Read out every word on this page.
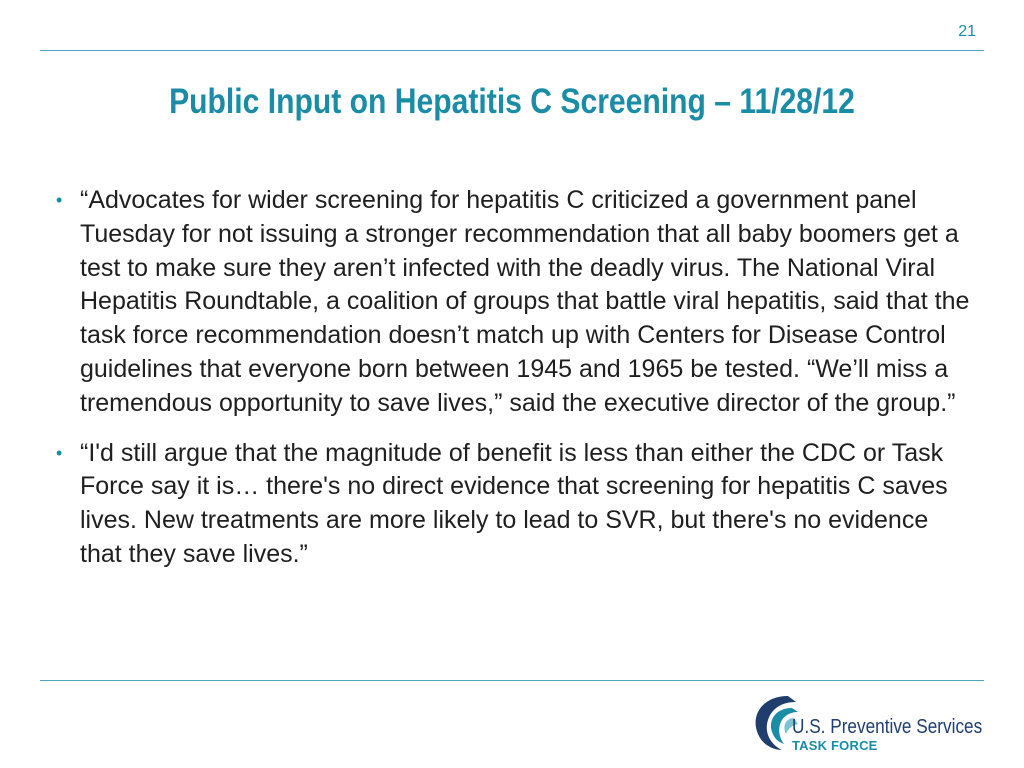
21
Public Input on Hepatitis C Screening – 11/28/12
• “Advocates for wider screening for hepatitis C criticized a government panel Tuesday for not issuing a stronger recommendation that all baby boomers get a test to make sure they aren’t infected with the deadly virus. The National Viral Hepatitis Roundtable, a coalition of groups that battle viral hepatitis, said that the task force recommendation doesn’t match up with Centers for Disease Control guidelines that everyone born between 1945 and 1965 be tested. “We’ll miss a tremendous opportunity to save lives,” said the executive director of the group.”
• “I'd still argue that the magnitude of benefit is less than either the CDC or Task Force say it is… there's no direct evidence that screening for hepatitis C saves lives. New treatments are more likely to lead to SVR, but there's no evidence that they save lives.”
U.S. Preventive Services
TASK FORCE
